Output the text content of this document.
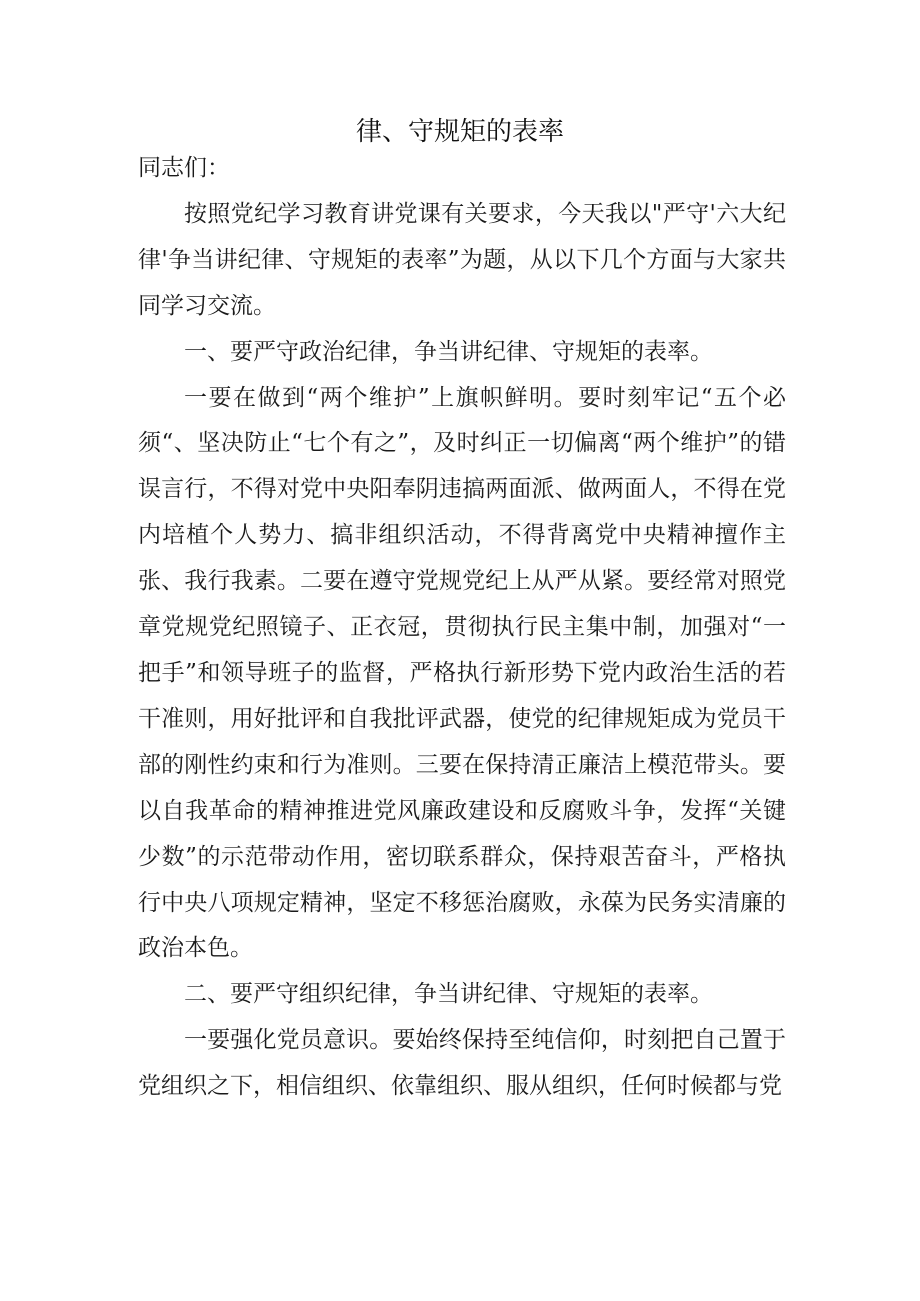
律、守规矩的表率

同志们：

按照党纪学习教育讲党课有关要求，今天我以"严守'六大纪律'争当讲纪律、守规矩的表率”为题，从以下几个方面与大家共同学习交流。

一、要严守政治纪律，争当讲纪律、守规矩的表率。

一要在做到“两个维护”上旗帜鲜明。要时刻牢记“五个必须“、坚决防止“七个有之”，及时纠正一切偏离“两个维护”的错误言行，不得对党中央阳奉阴违搞两面派、做两面人，不得在党内培植个人势力、搞非组织活动，不得背离党中央精神擅作主张、我行我素。二要在遵守党规党纪上从严从紧。要经常对照党章党规党纪照镜子、正衣冠，贯彻执行民主集中制，加强对“一把手”和领导班子的监督，严格执行新形势下党内政治生活的若干准则，用好批评和自我批评武器，使党的纪律规矩成为党员干部的刚性约束和行为准则。三要在保持清正廉洁上模范带头。要以自我革命的精神推进党风廉政建设和反腐败斗争，发挥“关键少数”的示范带动作用，密切联系群众，保持艰苦奋斗，严格执行中央八项规定精神，坚定不移惩治腐败，永葆为民务实清廉的政治本色。

二、要严守组织纪律，争当讲纪律、守规矩的表率。

一要强化党员意识。要始终保持至纯信仰，时刻把自己置于党组织之下，相信组织、依靠组织、服从组织，任何时候都与党
